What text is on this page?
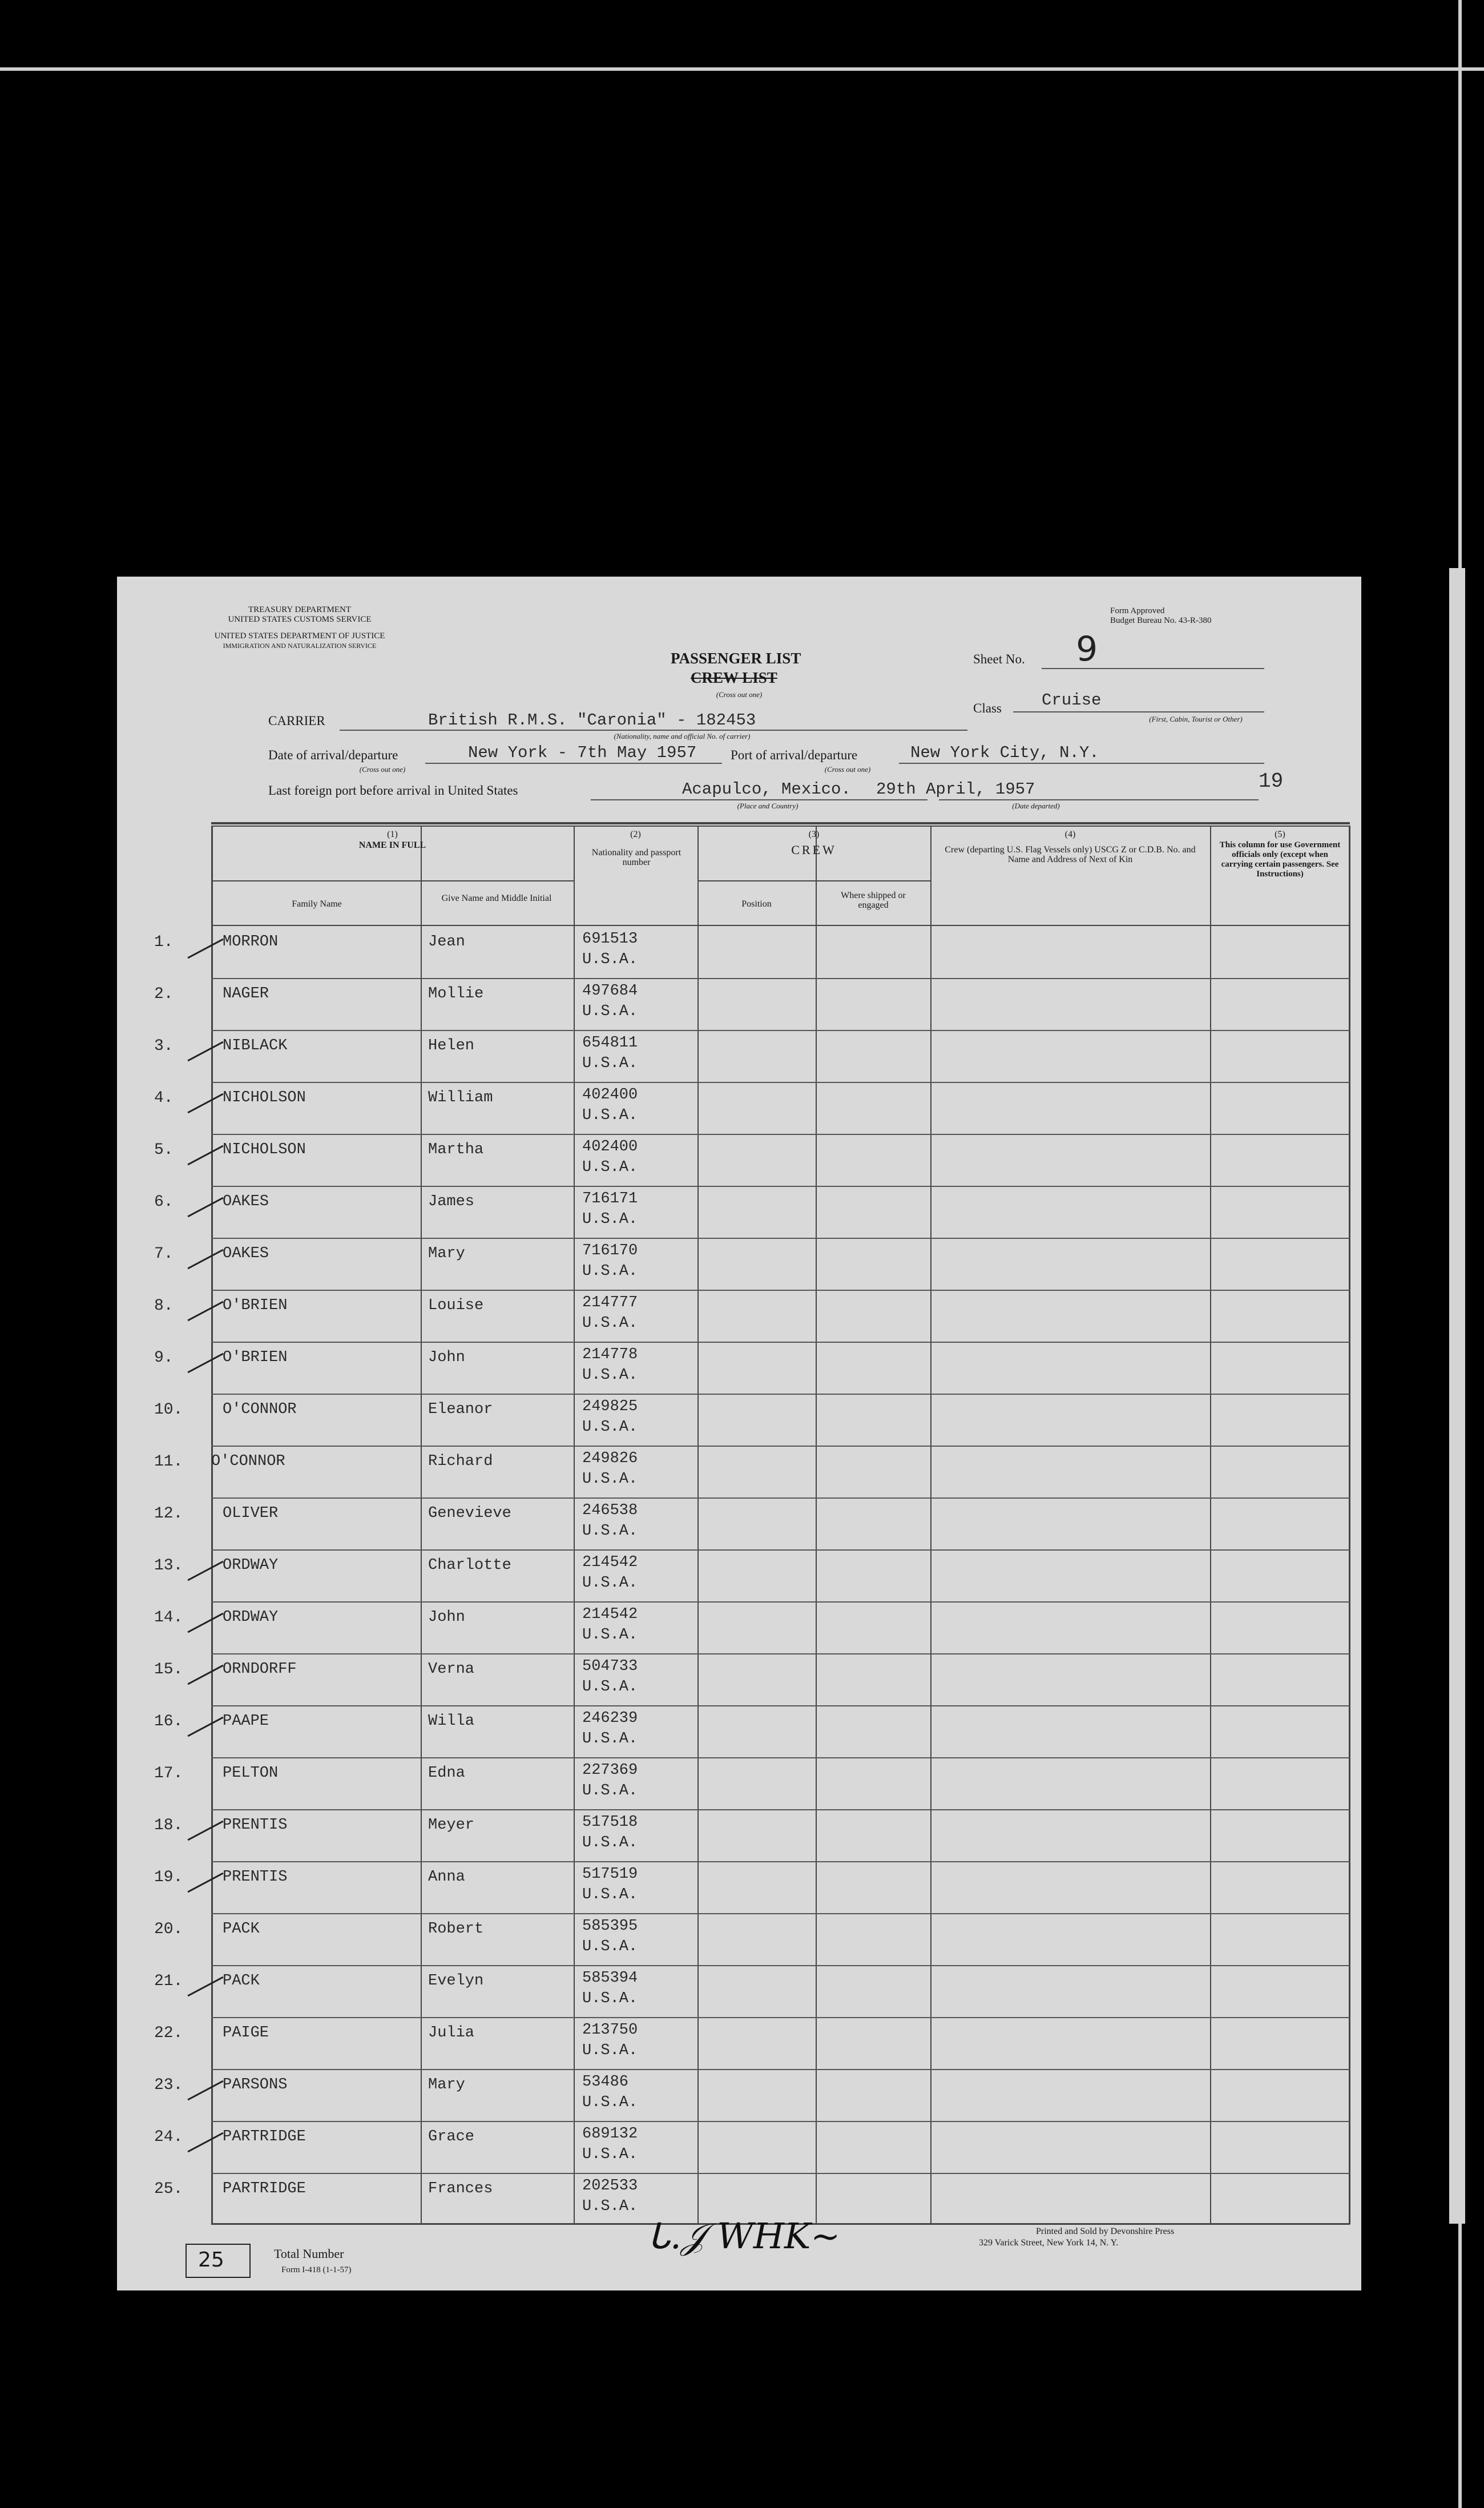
TREASURY DEPARTMENT
UNITED STATES CUSTOMS SERVICE
UNITED STATES DEPARTMENT OF JUSTICE
IMMIGRATION AND NATURALIZATION SERVICE
Form Approved
Budget Bureau No. 43-R-380
PASSENGER LIST
CREW LIST
(Cross out one)
Sheet No. 9
Class Cruise
(First, Cabin, Tourist or Other)
CARRIER	British R.M.S. "Caronia" - 182453
(Nationality, name and official No. of carrier)
Date of arrival/departure	New York - 7th May 1957
(Cross out one)
Port of arrival/departure	New York City, N.Y.
(Cross out one)
19
Last foreign port before arrival in United States	Acapulco, Mexico.
(Place and Country)
29th April, 1957
(Date departed)
(1)
NAME IN FULL
Family Name
Give Name and Middle Initial
(2)
Nationality and passport number
(3)
CREW
Position
Where shipped or engaged
(4)
Crew (departing U.S. Flag Vessels only) USCG Z or C.D.B. No. and Name and Address of Next of Kin
(5)
This column for use Government officials only (except when carrying certain passengers. See Instructions)
1.	MORRON	Jean	691513
U.S.A.
2.	NAGER	Mollie	497684
U.S.A.
3.	NIBLACK	Helen	654811
U.S.A.
4.	NICHOLSON	William	402400
U.S.A.
5.	NICHOLSON	Martha	402400
U.S.A.
6.	OAKES	James	716171
U.S.A.
7.	OAKES	Mary	716170
U.S.A.
8.	O'BRIEN	Louise	214777
U.S.A.
9.	O'BRIEN	John	214778
U.S.A.
10.	O'CONNOR	Eleanor	249825
U.S.A.
11. O'CONNOR	Richard	249826
U.S.A.
12.	OLIVER	Genevieve	246538
U.S.A.
13.	ORDWAY	Charlotte	214542
U.S.A.
14.	ORDWAY	John	214542
U.S.A.
15.	ORNDORFF	Verna	504733
U.S.A.
16.	PAAPE	Willa	246239
U.S.A.
17.	PELTON	Edna	227369
U.S.A.
18.	PRENTIS	Meyer	517518
U.S.A.
19.	PRENTIS	Anna	517519
U.S.A.
20.	PACK	Robert	585395
U.S.A.
21.	PACK	Evelyn	585394
U.S.A.
22.	PAIGE	Julia	213750
U.S.A.
23.	PARSONS	Mary	53486
U.S.A.
24.	PARTRIDGE	Grace	689132
U.S.A.
25.	PARTRIDGE	Frances	202533
U.S.A.
25	Total Number
Form I-418 (1-1-57)
ᒐ.𝒥 WHK~	Printed and Sold by Devonshire Press
329 Varick Street, New York 14, N. Y.
